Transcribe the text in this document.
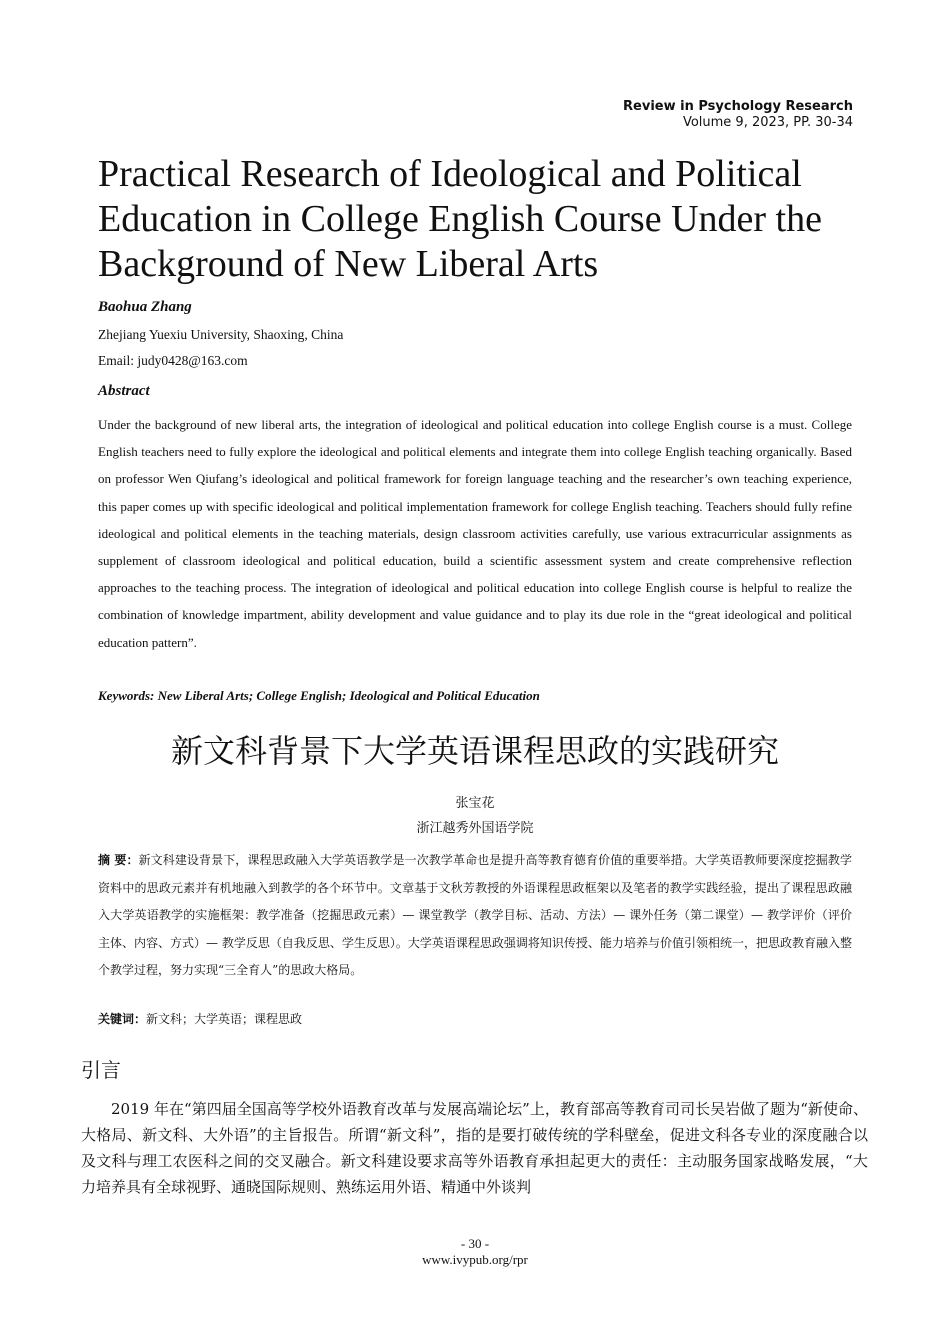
Review in Psychology Research
Volume 9, 2023, PP. 30-34
Practical Research of Ideological and Political Education in College English Course Under the Background of New Liberal Arts
Baohua Zhang
Zhejiang Yuexiu University, Shaoxing, China
Email: judy0428@163.com
Abstract

Under the background of new liberal arts, the integration of ideological and political education into college English course is a must. College English teachers need to fully explore the ideological and political elements and integrate them into college English teaching organically. Based on professor Wen Qiufang’s ideological and political framework for foreign language teaching and the researcher’s own teaching experience, this paper comes up with specific ideological and political implementation framework for college English teaching. Teachers should fully refine ideological and political elements in the teaching materials, design classroom activities carefully, use various extracurricular assignments as supplement of classroom ideological and political education, build a scientific assessment system and create comprehensive reflection approaches to the teaching process. The integration of ideological and political education into college English course is helpful to realize the combination of knowledge impartment, ability development and value guidance and to play its due role in the “great ideological and political education pattern”.

Keywords: New Liberal Arts; College English; Ideological and Political Education
新文科背景下大学英语课程思政的实践研究
张宝花
浙江越秀外国语学院

摘 要：新文科建设背景下，课程思政融入大学英语教学是一次教学革命也是提升高等教育德育价值的重要举措。大学英语教师要深度挖掘教学资料中的思政元素并有机地融入到教学的各个环节中。文章基于文秋芳教授的外语课程思政框架以及笔者的教学实践经验，提出了课程思政融入大学英语教学的实施框架：教学准备（挖掘思政元素）— 课堂教学（教学目标、活动、方法）— 课外任务（第二课堂）— 教学评价（评价主体、内容、方式）— 教学反思（自我反思、学生反思）。大学英语课程思政强调将知识传授、能力培养与价值引领相统一，把思政教育融入整个教学过程，努力实现“三全育人”的思政大格局。

关键词：新文科；大学英语；课程思政
引言

2019 年在“第四届全国高等学校外语教育改革与发展高端论坛”上，教育部高等教育司司长吴岩做了题为“新使命、大格局、新文科、大外语”的主旨报告。所谓“新文科”，指的是要打破传统的学科壁垒，促进文科各专业的深度融合以及文科与理工农医科之间的交叉融合。新文科建设要求高等外语教育承担起更大的责任：主动服务国家战略发展，“大力培养具有全球视野、通晓国际规则、熟练运用外语、精通中外谈判

- 30 -
www.ivypub.org/rpr
